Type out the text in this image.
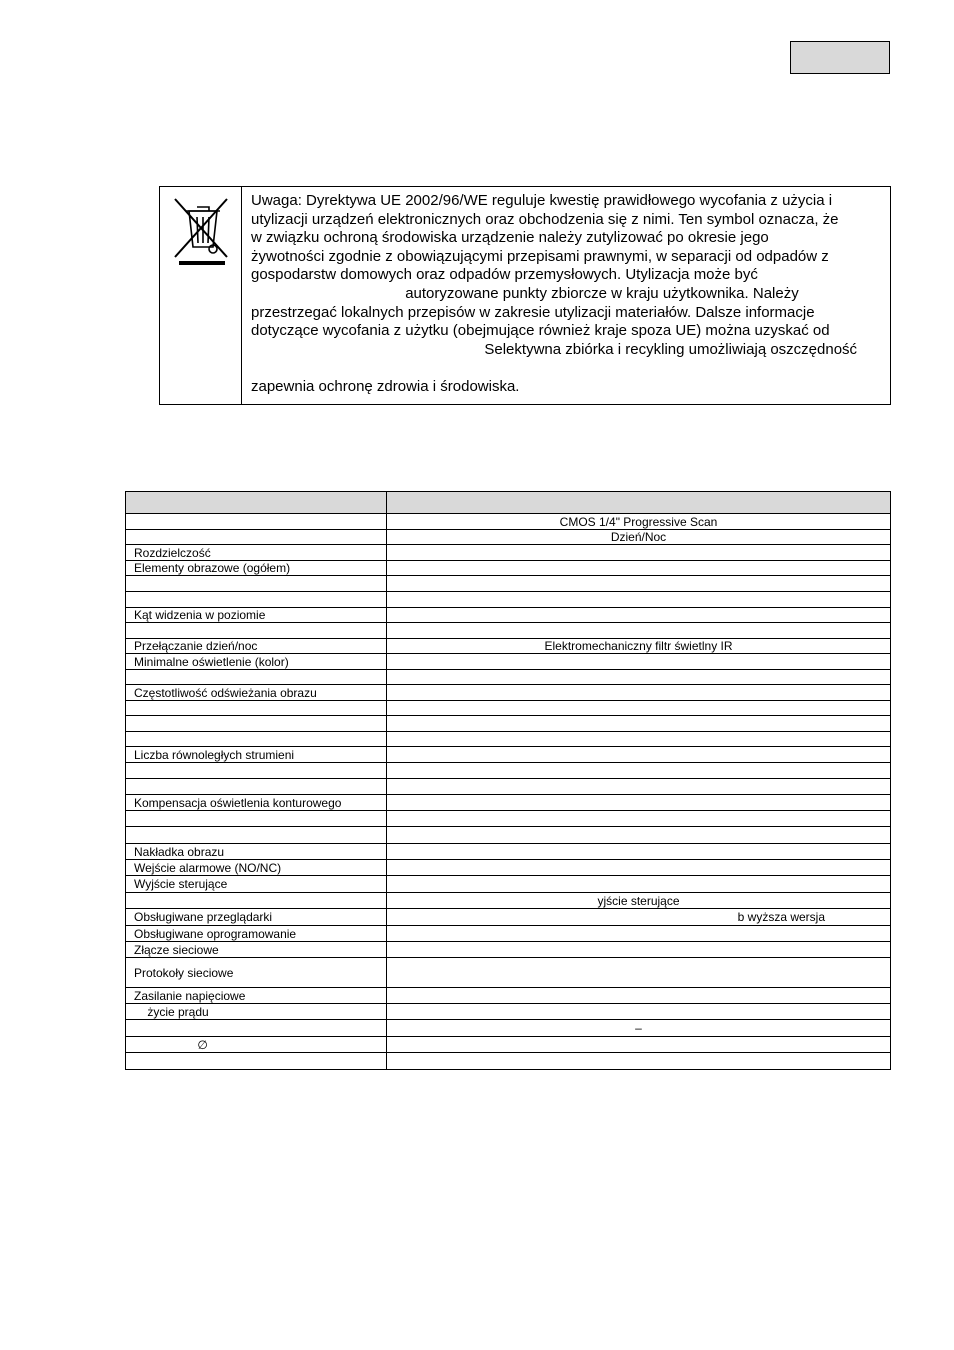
Uwaga: Dyrektywa UE 2002/96/WE reguluje kwestię prawidłowego wycofania z użycia i
utylizacji urządzeń elektronicznych oraz obchodzenia się z nimi. Ten symbol oznacza, że
w związku ochroną środowiska urządzenie należy zutylizować po okresie jego
żywotności zgodnie z obowiązującymi przepisami prawnymi, w separacji od odpadów z
gospodarstw domowych oraz odpadów przemysłowych. Utylizacja może być
autoryzowane punkty zbiorcze w kraju użytkownika. Należy
przestrzegać lokalnych przepisów w zakresie utylizacji materiałów. Dalsze informacje
dotyczące wycofania z użytku (obejmujące również kraje spoza UE) można uzyskać od
Selektywna zbiórka i recykling umożliwiają oszczędność
zapewnia ochronę zdrowia i środowiska.

	CMOS 1/4" Progressive Scan
	Dzień/Noc
Rozdzielczość	
Elementy obrazowe (ogółem)	

Kąt widzenia w poziomie	

Przełączanie dzień/noc	Elektromechaniczny filtr świetlny IR
Minimalne oświetlenie (kolor)	

Częstotliwość odświeżania obrazu	

Liczba równoległych strumieni	

Kompensacja oświetlenia konturowego	

Nakładka obrazu	
Wejście alarmowe (NO/NC)	
Wyjście sterujące	
	yjście sterujące
Obsługiwane przeglądarki	b wyższa wersja
Obsługiwane oprogramowanie	
Złącze sieciowe	
Protokoły sieciowe	
Zasilanie napięciowe	
życie prądu	
	–
∅	
